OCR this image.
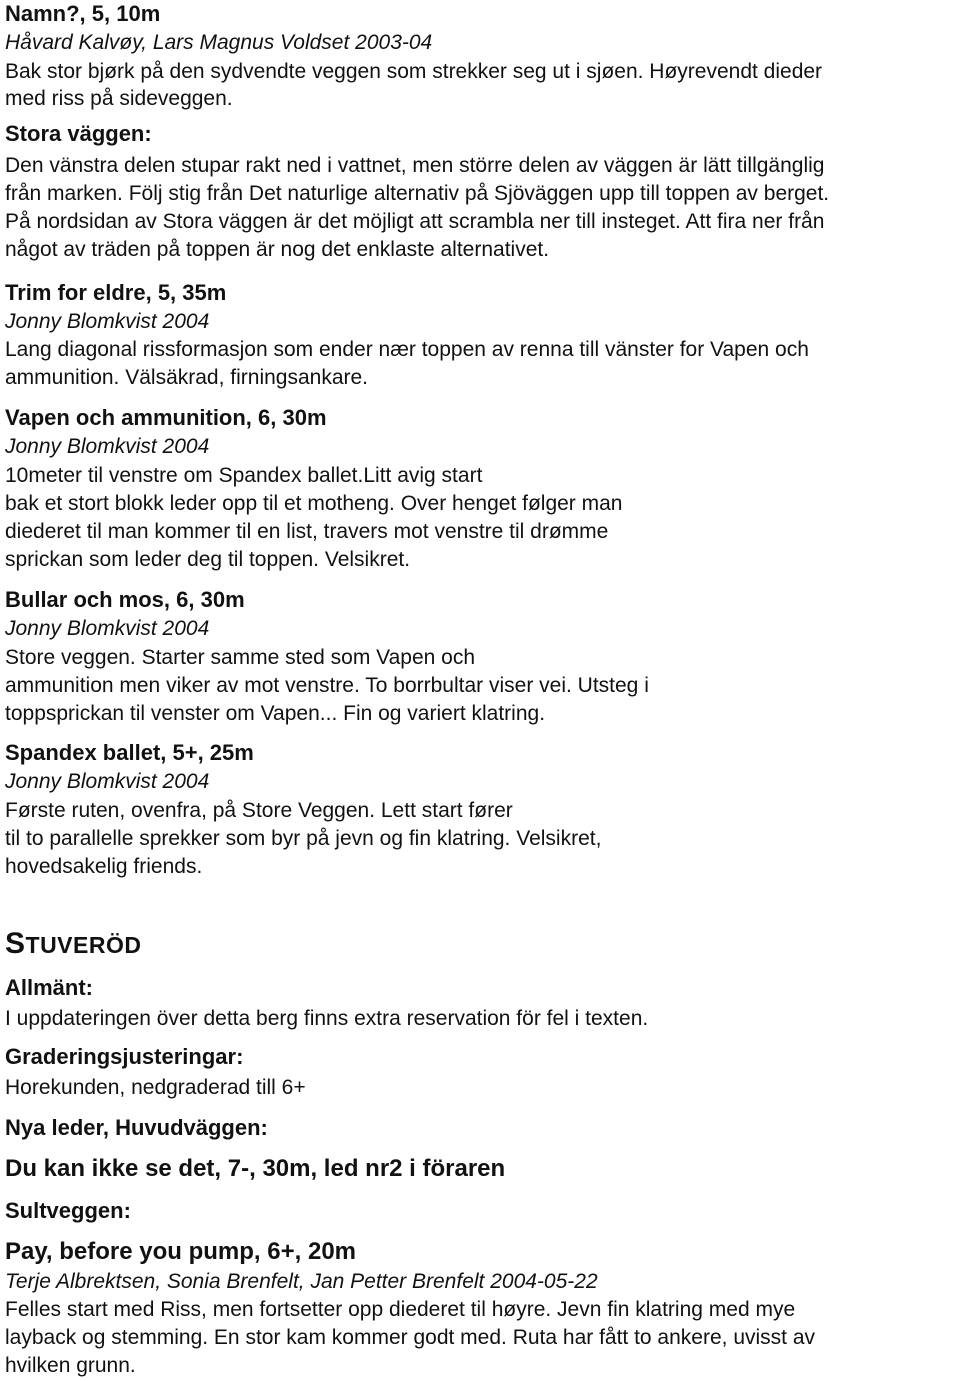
Namn?, 5, 10m
Håvard Kalvøy, Lars Magnus Voldset 2003-04
Bak stor bjørk på den sydvendte veggen som strekker seg ut i sjøen. Høyrevendt dieder
med riss på sideveggen.
Stora väggen:
Den vänstra delen stupar rakt ned i vattnet, men större delen av väggen är lätt tillgänglig
från marken. Följ stig från Det naturlige alternativ på Sjöväggen upp till toppen av berget.
På nordsidan av Stora väggen är det möjligt att scrambla ner till insteget. Att fira ner från
något av träden på toppen är nog det enklaste alternativet.
Trim for eldre, 5, 35m
Jonny Blomkvist 2004
Lang diagonal rissformasjon som ender nær toppen av renna till vänster for Vapen och
ammunition. Välsäkrad, firningsankare.
Vapen och ammunition, 6, 30m
Jonny Blomkvist 2004
10meter til venstre om Spandex ballet.Litt avig start
bak et stort blokk leder opp til et motheng. Over henget følger man
diederet til man kommer til en list, travers mot venstre til drømme
sprickan som leder deg til toppen. Velsikret.
Bullar och mos, 6, 30m
Jonny Blomkvist 2004
Store veggen. Starter samme sted som Vapen och
ammunition men viker av mot venstre. To borrbultar viser vei. Utsteg i
toppsprickan til venster om Vapen... Fin og variert klatring.
Spandex ballet, 5+, 25m
Jonny Blomkvist 2004
Første ruten, ovenfra, på Store Veggen. Lett start fører
til to parallelle sprekker som byr på jevn og fin klatring. Velsikret,
hovedsakelig friends.
STUVERÖD
Allmänt:
I uppdateringen över detta berg finns extra reservation för fel i texten.
Graderingsjusteringar:
Horekunden, nedgraderad till 6+
Nya leder, Huvudväggen:
Du kan ikke se det, 7-, 30m, led nr2 i föraren
Sultveggen:
Pay, before you pump, 6+, 20m
Terje Albrektsen, Sonia Brenfelt, Jan Petter Brenfelt 2004-05-22
Felles start med Riss, men fortsetter opp diederet til høyre. Jevn fin klatring med mye
layback og stemming. En stor kam kommer godt med. Ruta har fått to ankere, uvisst av
hvilken grunn.
